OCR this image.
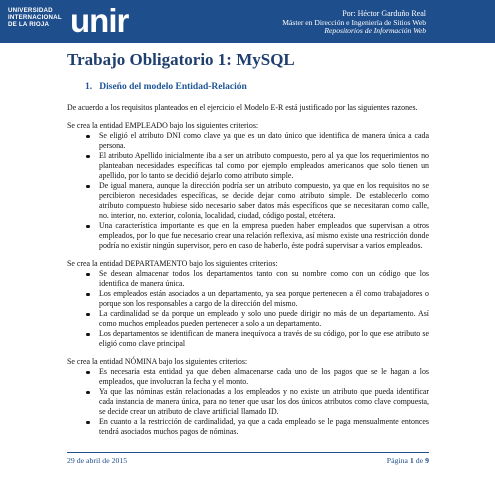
UNIVERSIDAD
INTERNACIONAL
DE LA RIOJA unir	Por: Héctor Garduño Real
Máster en Dirección e Ingeniería de Sitios Web
Repositorios de Información Web
Trabajo Obligatorio 1: MySQL
1.   Diseño del modelo Entidad-Relación

De acuerdo a los requisitos planteados en el ejercicio el Modelo E-R está justificado por las siguientes razones.

Se crea la entidad EMPLEADO bajo los siguientes criterios:

Se eligió el atributo DNI como clave ya que es un dato único que identifica de manera única a cada persona.
El atributo Apellido inicialmente iba a ser un atributo compuesto, pero al ya que los requerimientos no planteaban necesidades específicas tal como por ejemplo empleados americanos que solo tienen un apellido, por lo tanto se decidió dejarlo como atributo simple.
De igual manera, aunque la dirección podría ser un atributo compuesto, ya que en los requisitos no se percibieron necesidades específicas, se decide dejar como atributo simple. De establecerlo como atributo compuesto hubiese sido necesario saber datos más específicos que se necesitaran como calle, no. interior, no. exterior, colonia, localidad, ciudad, código postal, etcétera.
Una característica importante es que en la empresa pueden haber empleados que supervisan a otros empleados, por lo que fue necesario crear una relación reflexiva, así mismo existe una restricción donde podría no existir ningún supervisor, pero en caso de haberlo, éste podrá supervisar a varios empleados.

Se crea la entidad DEPARTAMENTO bajo los siguientes criterios:

Se desean almacenar todos los departamentos tanto con su nombre como con un código que los identifica de manera única.
Los empleados están asociados a un departamento, ya sea porque pertenecen a él como trabajadores o porque son los responsables a cargo de la dirección del mismo.
La cardinalidad se da porque un empleado y solo uno puede dirigir no más de un departamento. Así como muchos empleados pueden pertenecer a solo a un departamento.
Los departamentos se identifican de manera inequívoca a través de su código, por lo que ese atributo se eligió como clave principal

Se crea la entidad NÓMINA bajo los siguientes criterios:

Es necesaria esta entidad ya que deben almacenarse cada uno de los pagos que se le hagan a los empleados, que involucran la fecha y el monto.
Ya que las nóminas están relacionadas a los empleados y no existe un atributo que pueda identificar cada instancia de manera única, para no tener que usar los dos únicos atributos como clave compuesta, se decide crear un atributo de clave artificial llamado ID.
En cuanto a la restricción de cardinalidad, ya que a cada empleado se le paga mensualmente entonces tendrá asociados muchos pagos de nóminas.
29 de abril de 2015	Página 1 de 9
